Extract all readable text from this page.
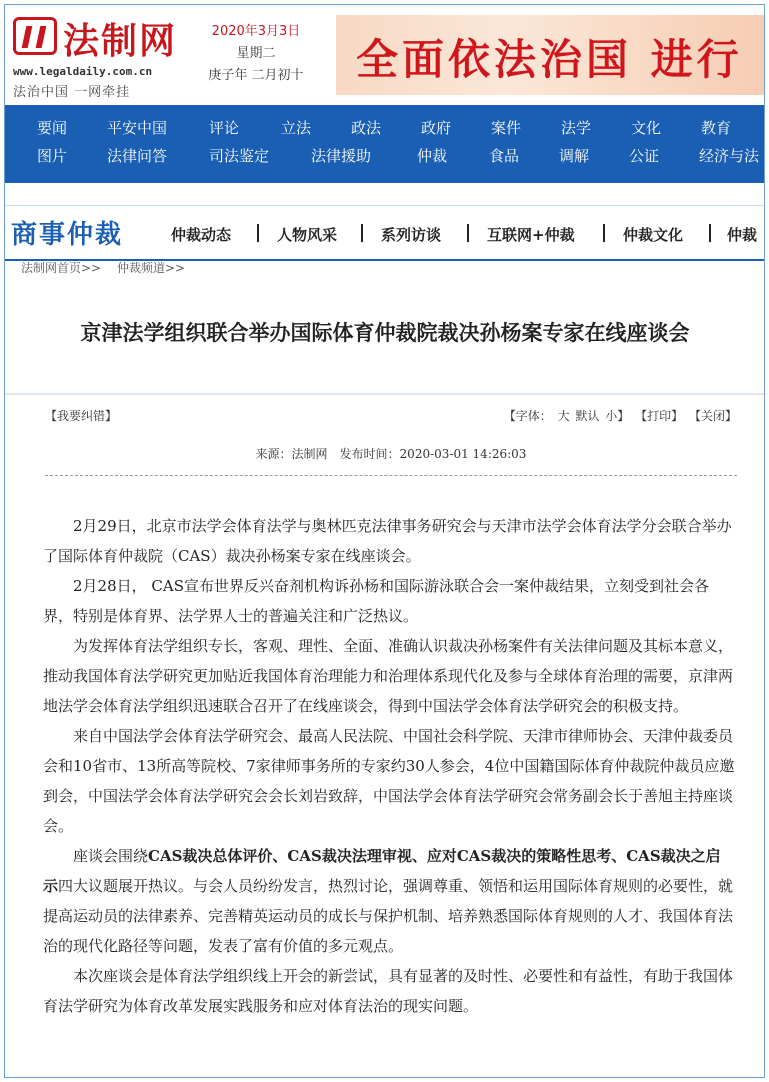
法制网
www.legaldaily.com.cn
法治中国 一网牵挂
2020年3月3日
星期二
庚子年 二月初十 全面依法治国 进行
要闻	平安中国	评论	立法	政法	政府	案件	法学	文化	教育
图片	法律问答	司法鉴定	法律援助	仲裁	食品	调解	公证	经济与法
商事仲裁	仲裁动态	人物风采	系列访谈	互联网+仲裁	仲裁文化	仲裁
法制网首页>> 仲裁频道>>
京津法学组织联合举办国际体育仲裁院裁决孙杨案专家在线座谈会
【我要纠错】	【字体： 大 默认 小】 【打印】 【关闭】
来源：法制网　发布时间：2020-03-01 14:26:03

2月29日，北京市法学会体育法学与奥林匹克法律事务研究会与天津市法学会体育法学分会联合举办了国际体育仲裁院（CAS）裁决孙杨案专家在线座谈会。

2月28日， CAS宣布世界反兴奋剂机构诉孙杨和国际游泳联合会一案仲裁结果，立刻受到社会各界，特别是体育界、法学界人士的普遍关注和广泛热议。

为发挥体育法学组织专长，客观、理性、全面、准确认识裁决孙杨案件有关法律问题及其标本意义，推动我国体育法学研究更加贴近我国体育治理能力和治理体系现代化及参与全球体育治理的需要，京津两地法学会体育法学组织迅速联合召开了在线座谈会，得到中国法学会体育法学研究会的积极支持。

来自中国法学会体育法学研究会、最高人民法院、中国社会科学院、天津市律师协会、天津仲裁委员会和10省市、13所高等院校、7家律师事务所的专家约30人参会，4位中国籍国际体育仲裁院仲裁员应邀到会，中国法学会体育法学研究会会长刘岩致辞，中国法学会体育法学研究会常务副会长于善旭主持座谈会。

座谈会围绕CAS裁决总体评价、CAS裁决法理审视、应对CAS裁决的策略性思考、CAS裁决之启示四大议题展开热议。与会人员纷纷发言，热烈讨论，强调尊重、领悟和运用国际体育规则的必要性，就提高运动员的法律素养、完善精英运动员的成长与保护机制、培养熟悉国际体育规则的人才、我国体育法治的现代化路径等问题，发表了富有价值的多元观点。

本次座谈会是体育法学组织线上开会的新尝试，具有显著的及时性、必要性和有益性，有助于我国体育法学研究为体育改革发展实践服务和应对体育法治的现实问题。
